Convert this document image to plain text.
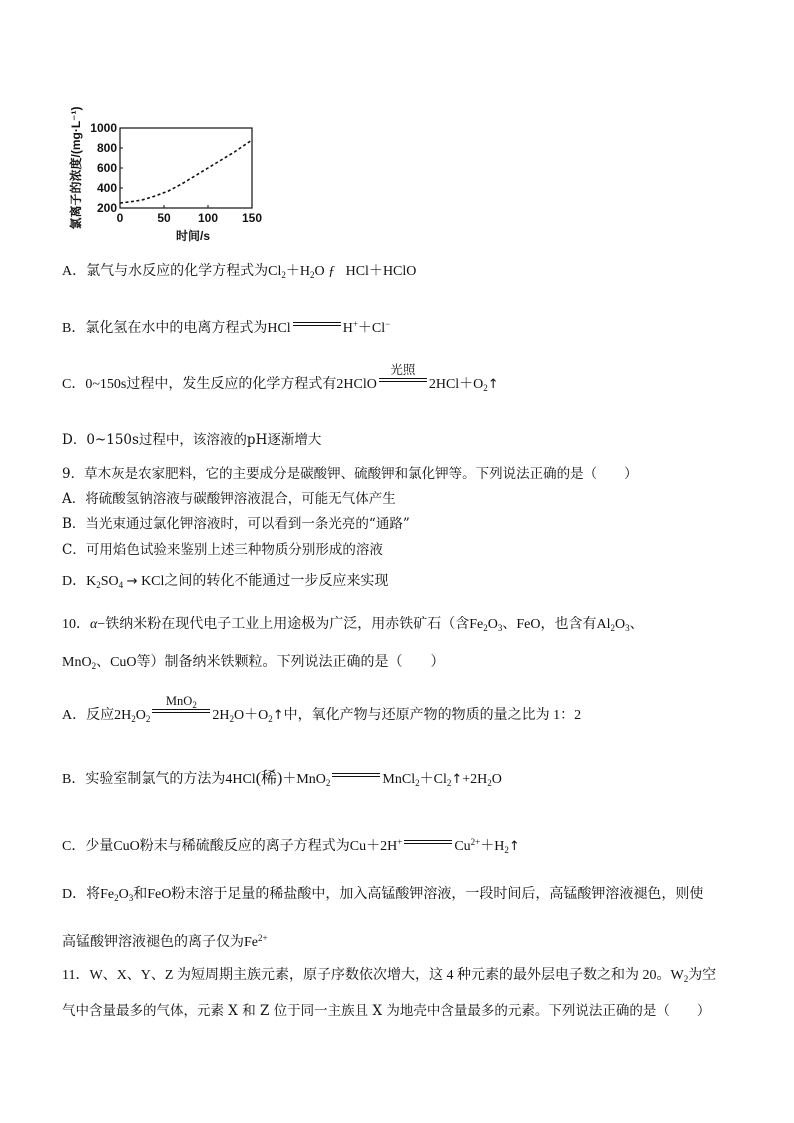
0	50 100 150
200
400
600
800
1000
氯离子的浓度/(mg·L⁻¹)
时间/s
A．氯气与水反应的化学方程式为$Cl_2+H_2O$ ƒ HCl＋HClO
B．氯化氢在水中的电离方程式为HCl	H+＋Cl−
C．0~150s过程中，发生反应的化学方程式有2HClO
光照
$2HCl+O_2↑$
D．0~150s过程中，该溶液的pH逐渐增大
9．草木灰是农家肥料，它的主要成分是碳酸钾、硫酸钾和氯化钾等。下列说法正确的是（　　）
A．将硫酸氢钠溶液与碳酸钾溶液混合，可能无气体产生
B．当光束通过氯化钾溶液时，可以看到一条光亮的“通路”
C．可用焰色试验来鉴别上述三种物质分别形成的溶液
D．$K_2SO_4$ → KCl之间的转化不能通过一步反应来实现
10．α−铁纳米粉在现代电子工业上用途极为广泛，用赤铁矿石（含$Fe_2O_3$、FeO，也含有$Al_2O_3$、
MnO$_2$、CuO等）制备纳米铁颗粒。下列说法正确的是（　　）
A．反应$2H_2O_2$
MnO$_2$
$2H_2O+O_2↑$中，氧化产物与还原产物的物质的量之比为 1：2
B．实验室制氯气的方法为4HCl(稀)＋MnO$_2$	$MnCl_2+Cl_2↑+2H_2O$
C．少量CuO粉末与稀硫酸反应的离子方程式为Cu＋2H+	$Cu^{2+}+H_2↑$
D．将$Fe_2O_3$和FeO粉末溶于足量的稀盐酸中，加入高锰酸钾溶液，一段时间后，高锰酸钾溶液褪色，则使
高锰酸钾溶液褪色的离子仅为$Fe^{2+}$
11．W、X、Y、Z 为短周期主族元素，原子序数依次增大，这 4 种元素的最外层电子数之和为 20。$W_2$为空
气中含量最多的气体，元素 X 和 Z 位于同一主族且 X 为地壳中含量最多的元素。下列说法正确的是（　　）
